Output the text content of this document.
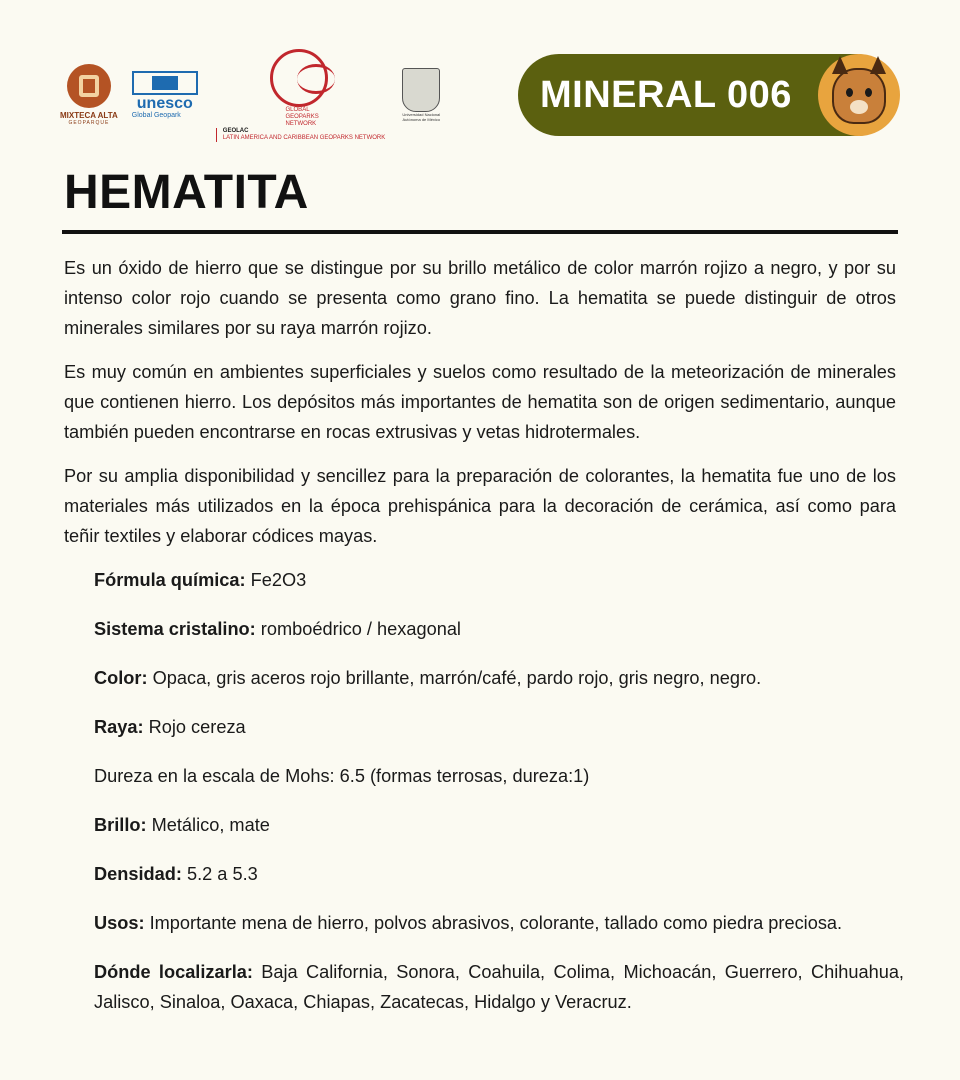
MIXTECA ALTA
GEOPARQUE
unesco
Global Geopark
GLOBAL GEOPARKS NETWORK
GEOLAC
LATIN AMERICA AND CARIBBEAN GEOPARKS NETWORK
Universidad Nacional Autónoma de México
MINERAL 006
HEMATITA

Es un óxido de hierro que se distingue por su brillo metálico de color marrón rojizo a negro, y por su intenso color rojo cuando se presenta como grano fino. La hematita se puede distinguir de otros minerales similares por su raya marrón rojizo.

Es muy común en ambientes superficiales y suelos como resultado de la meteorización de minerales que contienen hierro. Los depósitos más importantes de hematita son de origen sedimentario, aunque también pueden encontrarse en rocas extrusivas y vetas hidrotermales.

Por su amplia disponibilidad y sencillez para la preparación de colorantes, la hematita fue uno de los materiales más utilizados en la época prehispánica para la decoración de cerámica, así como para teñir textiles y elaborar códices mayas.

Fórmula química: Fe2O3

Sistema cristalino: romboédrico / hexagonal

Color: Opaca, gris aceros rojo brillante, marrón/café, pardo rojo, gris negro, negro.

Raya: Rojo cereza

Dureza en la escala de Mohs: 6.5 (formas terrosas, dureza:1)

Brillo: Metálico, mate

Densidad: 5.2 a 5.3

Usos: Importante mena de hierro, polvos abrasivos, colorante, tallado como piedra preciosa.

Dónde localizarla: Baja California, Sonora, Coahuila, Colima, Michoacán, Guerrero, Chihuahua, Jalisco, Sinaloa, Oaxaca, Chiapas, Zacatecas, Hidalgo y Veracruz.
